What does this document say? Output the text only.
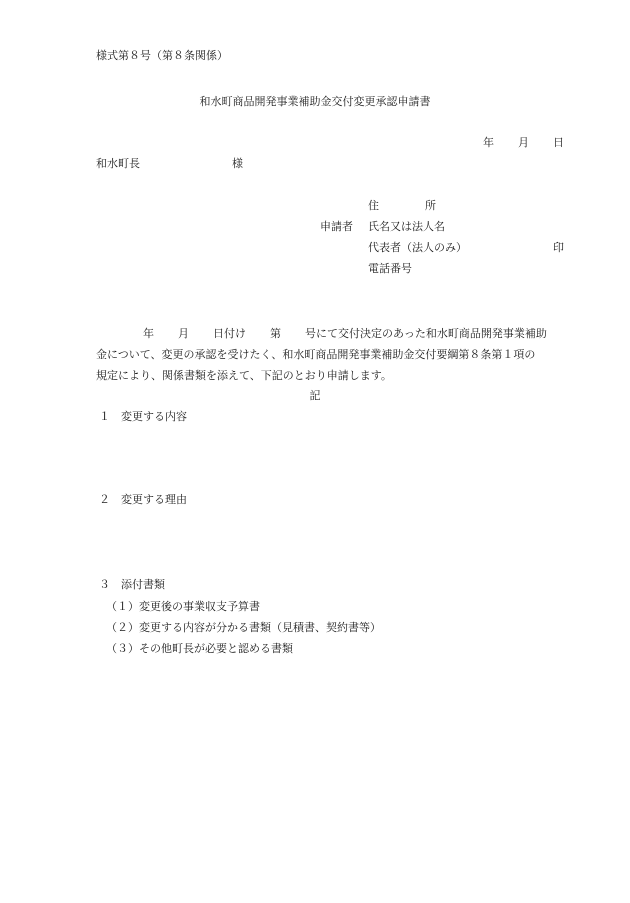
様式第８号（第８条関係）
和水町商品開発事業補助金交付変更承認申請書
年 月 日
和水町長	様
住	所
申請者 氏名又は法人名
代表者（法人のみ）	印
電話番号

年 月 日付け 第 号にて交付決定のあった和水町商品開発事業補助

金について、変更の承認を受けたく、和水町商品開発事業補助金交付要綱第８条第１項の

規定により、関係書類を添えて、下記のとおり申請します。

記
１ 変更する内容
２ 変更する理由
３ 添付書類
（１）変更後の事業収支予算書
（２）変更する内容が分かる書類（見積書、契約書等）
（３）その他町長が必要と認める書類
